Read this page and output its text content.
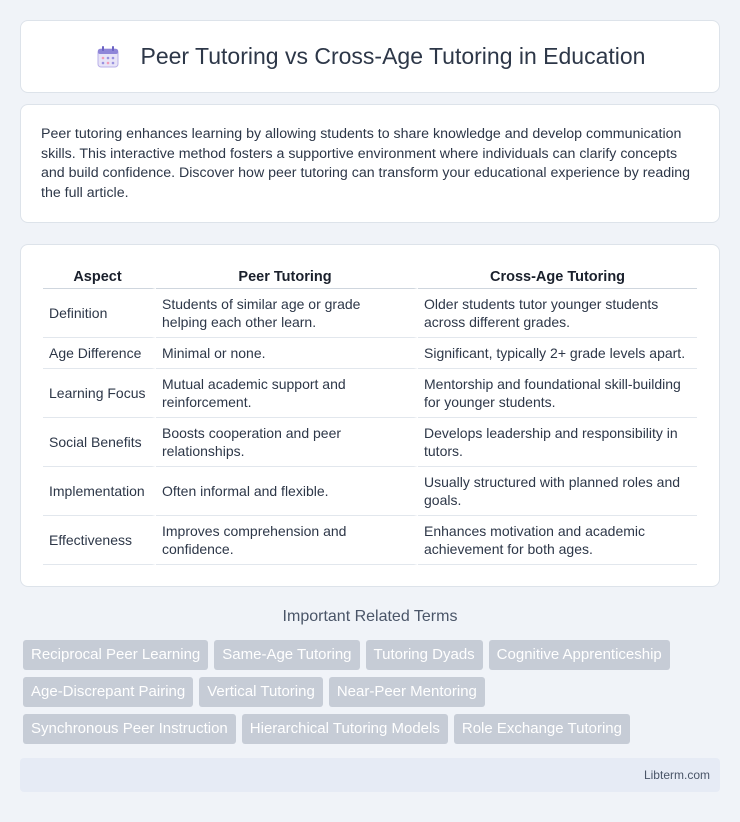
Peer Tutoring vs Cross-Age Tutoring in Education

Peer tutoring enhances learning by allowing students to share knowledge and develop communication skills. This interactive method fosters a supportive environment where individuals can clarify concepts and build confidence. Discover how peer tutoring can transform your educational experience by reading the full article.

Aspect	Peer Tutoring	Cross-Age Tutoring
Definition	Students of similar age or grade helping each other learn.	Older students tutor younger students across different grades.
Age Difference	Minimal or none.	Significant, typically 2+ grade levels apart.
Learning Focus	Mutual academic support and reinforcement.	Mentorship and foundational skill-building for younger students.
Social Benefits	Boosts cooperation and peer relationships.	Develops leadership and responsibility in tutors.
Implementation	Often informal and flexible.	Usually structured with planned roles and goals.
Effectiveness	Improves comprehension and confidence.	Enhances motivation and academic achievement for both ages.
Important Related Terms
Reciprocal Peer Learning	Same-Age Tutoring	Tutoring Dyads	Cognitive Apprenticeship
Age-Discrepant Pairing	Vertical Tutoring	Near-Peer Mentoring
Synchronous Peer Instruction	Hierarchical Tutoring Models	Role Exchange Tutoring
Libterm.com
